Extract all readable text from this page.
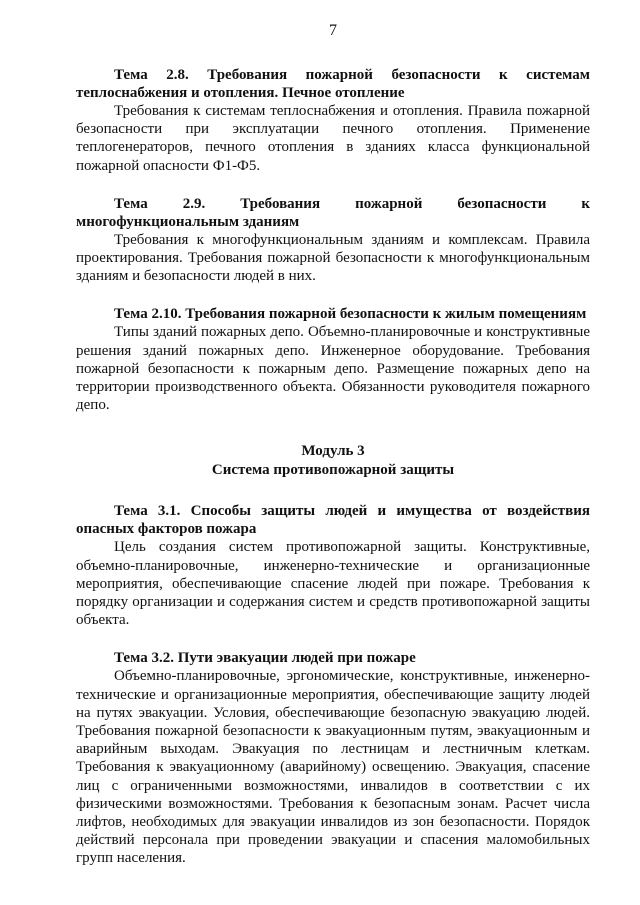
7
Тема 2.8. Требования пожарной безопасности к системам
теплоснабжения и отопления. Печное отопление

Требования к системам теплоснабжения и отопления. Правила пожарной безопасности при эксплуатации печного отопления. Применение теплогенераторов, печного отопления в зданиях класса функциональной пожарной опасности Ф1-Ф5.

Тема 2.9. Требования пожарной безопасности к
многофункциональным зданиям

Требования к многофункциональным зданиям и комплексам. Правила проектирования. Требования пожарной безопасности к многофункциональным зданиям и безопасности людей в них.

Тема 2.10. Требования пожарной безопасности к жилым помещениям

Типы зданий пожарных депо. Объемно-планировочные и конструктивные решения зданий пожарных депо. Инженерное оборудование. Требования пожарной безопасности к пожарным депо. Размещение пожарных депо на территории производственного объекта. Обязанности руководителя пожарного депо.

Модуль 3
Система противопожарной защиты
Тема 3.1. Способы защиты людей и имущества от воздействия
опасных факторов пожара

Цель создания систем противопожарной защиты. Конструктивные, объемно-планировочные, инженерно-технические и организационные мероприятия, обеспечивающие спасение людей при пожаре. Требования к порядку организации и содержания систем и средств противопожарной защиты объекта.

Тема 3.2. Пути эвакуации людей при пожаре

Объемно-планировочные, эргономические, конструктивные, инженерно-технические и организационные мероприятия, обеспечивающие защиту людей на путях эвакуации. Условия, обеспечивающие безопасную эвакуацию людей. Требования пожарной безопасности к эвакуационным путям, эвакуационным и аварийным выходам. Эвакуация по лестницам и лестничным клеткам. Требования к эвакуационному (аварийному) освещению. Эвакуация, спасение лиц с ограниченными возможностями, инвалидов в соответствии с их физическими возможностями. Требования к безопасным зонам. Расчет числа лифтов, необходимых для эвакуации инвалидов из зон безопасности. Порядок действий персонала при проведении эвакуации и спасения маломобильных групп населения.
